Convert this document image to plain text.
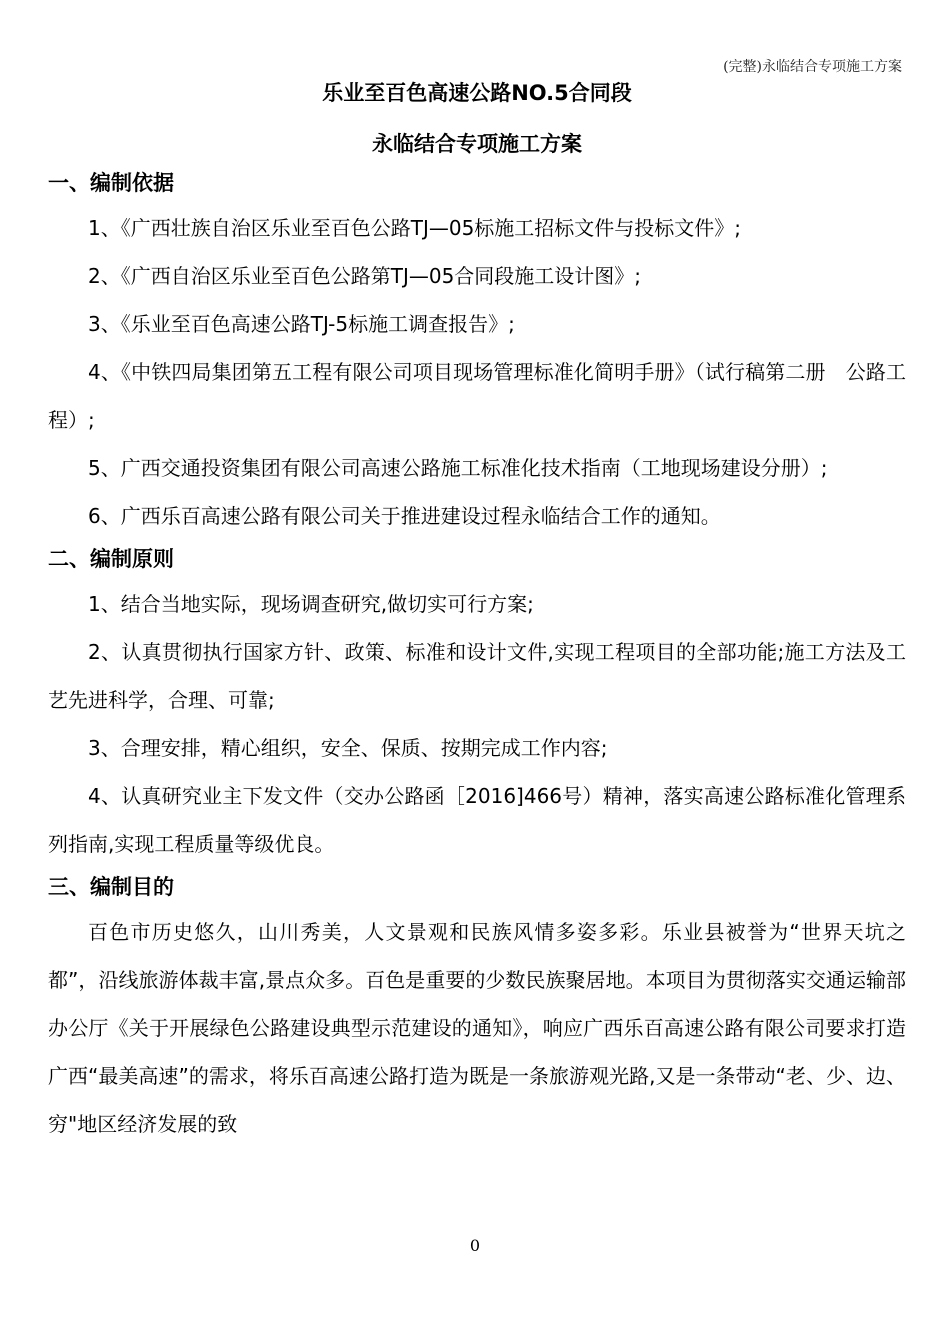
(完整)永临结合专项施工方案
乐业至百色高速公路NO.5合同段
永临结合专项施工方案
一、编制依据

1、《广西壮族自治区乐业至百色公路TJ—05标施工招标文件与投标文件》;

2、《广西自治区乐业至百色公路第TJ—05合同段施工设计图》;

3、《乐业至百色高速公路TJ-5标施工调查报告》;

4、《中铁四局集团第五工程有限公司项目现场管理标准化简明手册》（试行稿第二册　公路工程）;

5、广西交通投资集团有限公司高速公路施工标准化技术指南（工地现场建设分册）;

6、广西乐百高速公路有限公司关于推进建设过程永临结合工作的通知。

二、编制原则

1、结合当地实际，现场调查研究,做切实可行方案;

2、认真贯彻执行国家方针、政策、标准和设计文件,实现工程项目的全部功能;施工方法及工艺先进科学，合理、可靠;

3、合理安排，精心组织，安全、保质、按期完成工作内容;

4、认真研究业主下发文件（交办公路函［2016]466号）精神，落实高速公路标准化管理系列指南,实现工程质量等级优良。

三、编制目的

百色市历史悠久，山川秀美，人文景观和民族风情多姿多彩。乐业县被誉为“世界天坑之都”，沿线旅游体裁丰富,景点众多。百色是重要的少数民族聚居地。本项目为贯彻落实交通运输部办公厅《关于开展绿色公路建设典型示范建设的通知》，响应广西乐百高速公路有限公司要求打造广西“最美高速”的需求，将乐百高速公路打造为既是一条旅游观光路,又是一条带动“老、少、边、穷"地区经济发展的致

0
